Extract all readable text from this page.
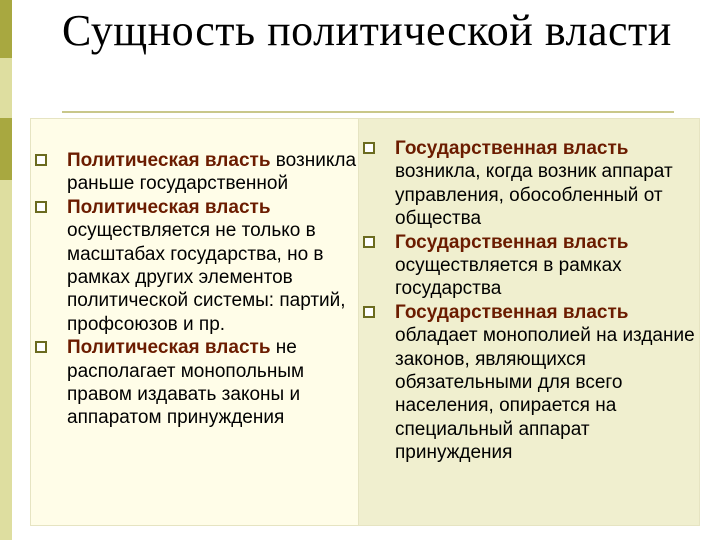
Сущность политической власти
Политическая власть возникла раньше государственной
Политическая власть осуществляется не только в масштабах государства, но в рамках других элементов политической системы: партий, профсоюзов и пр.
Политическая власть не располагает монопольным правом издавать законы и аппаратом принуждения
Государственная власть возникла, когда возник аппарат управления, обособленный от общества
Государственная власть осуществляется в рамках государства
Государственная власть обладает монополией на издание законов, являющихся обязательными для всего населения, опирается на специальный аппарат принуждения
